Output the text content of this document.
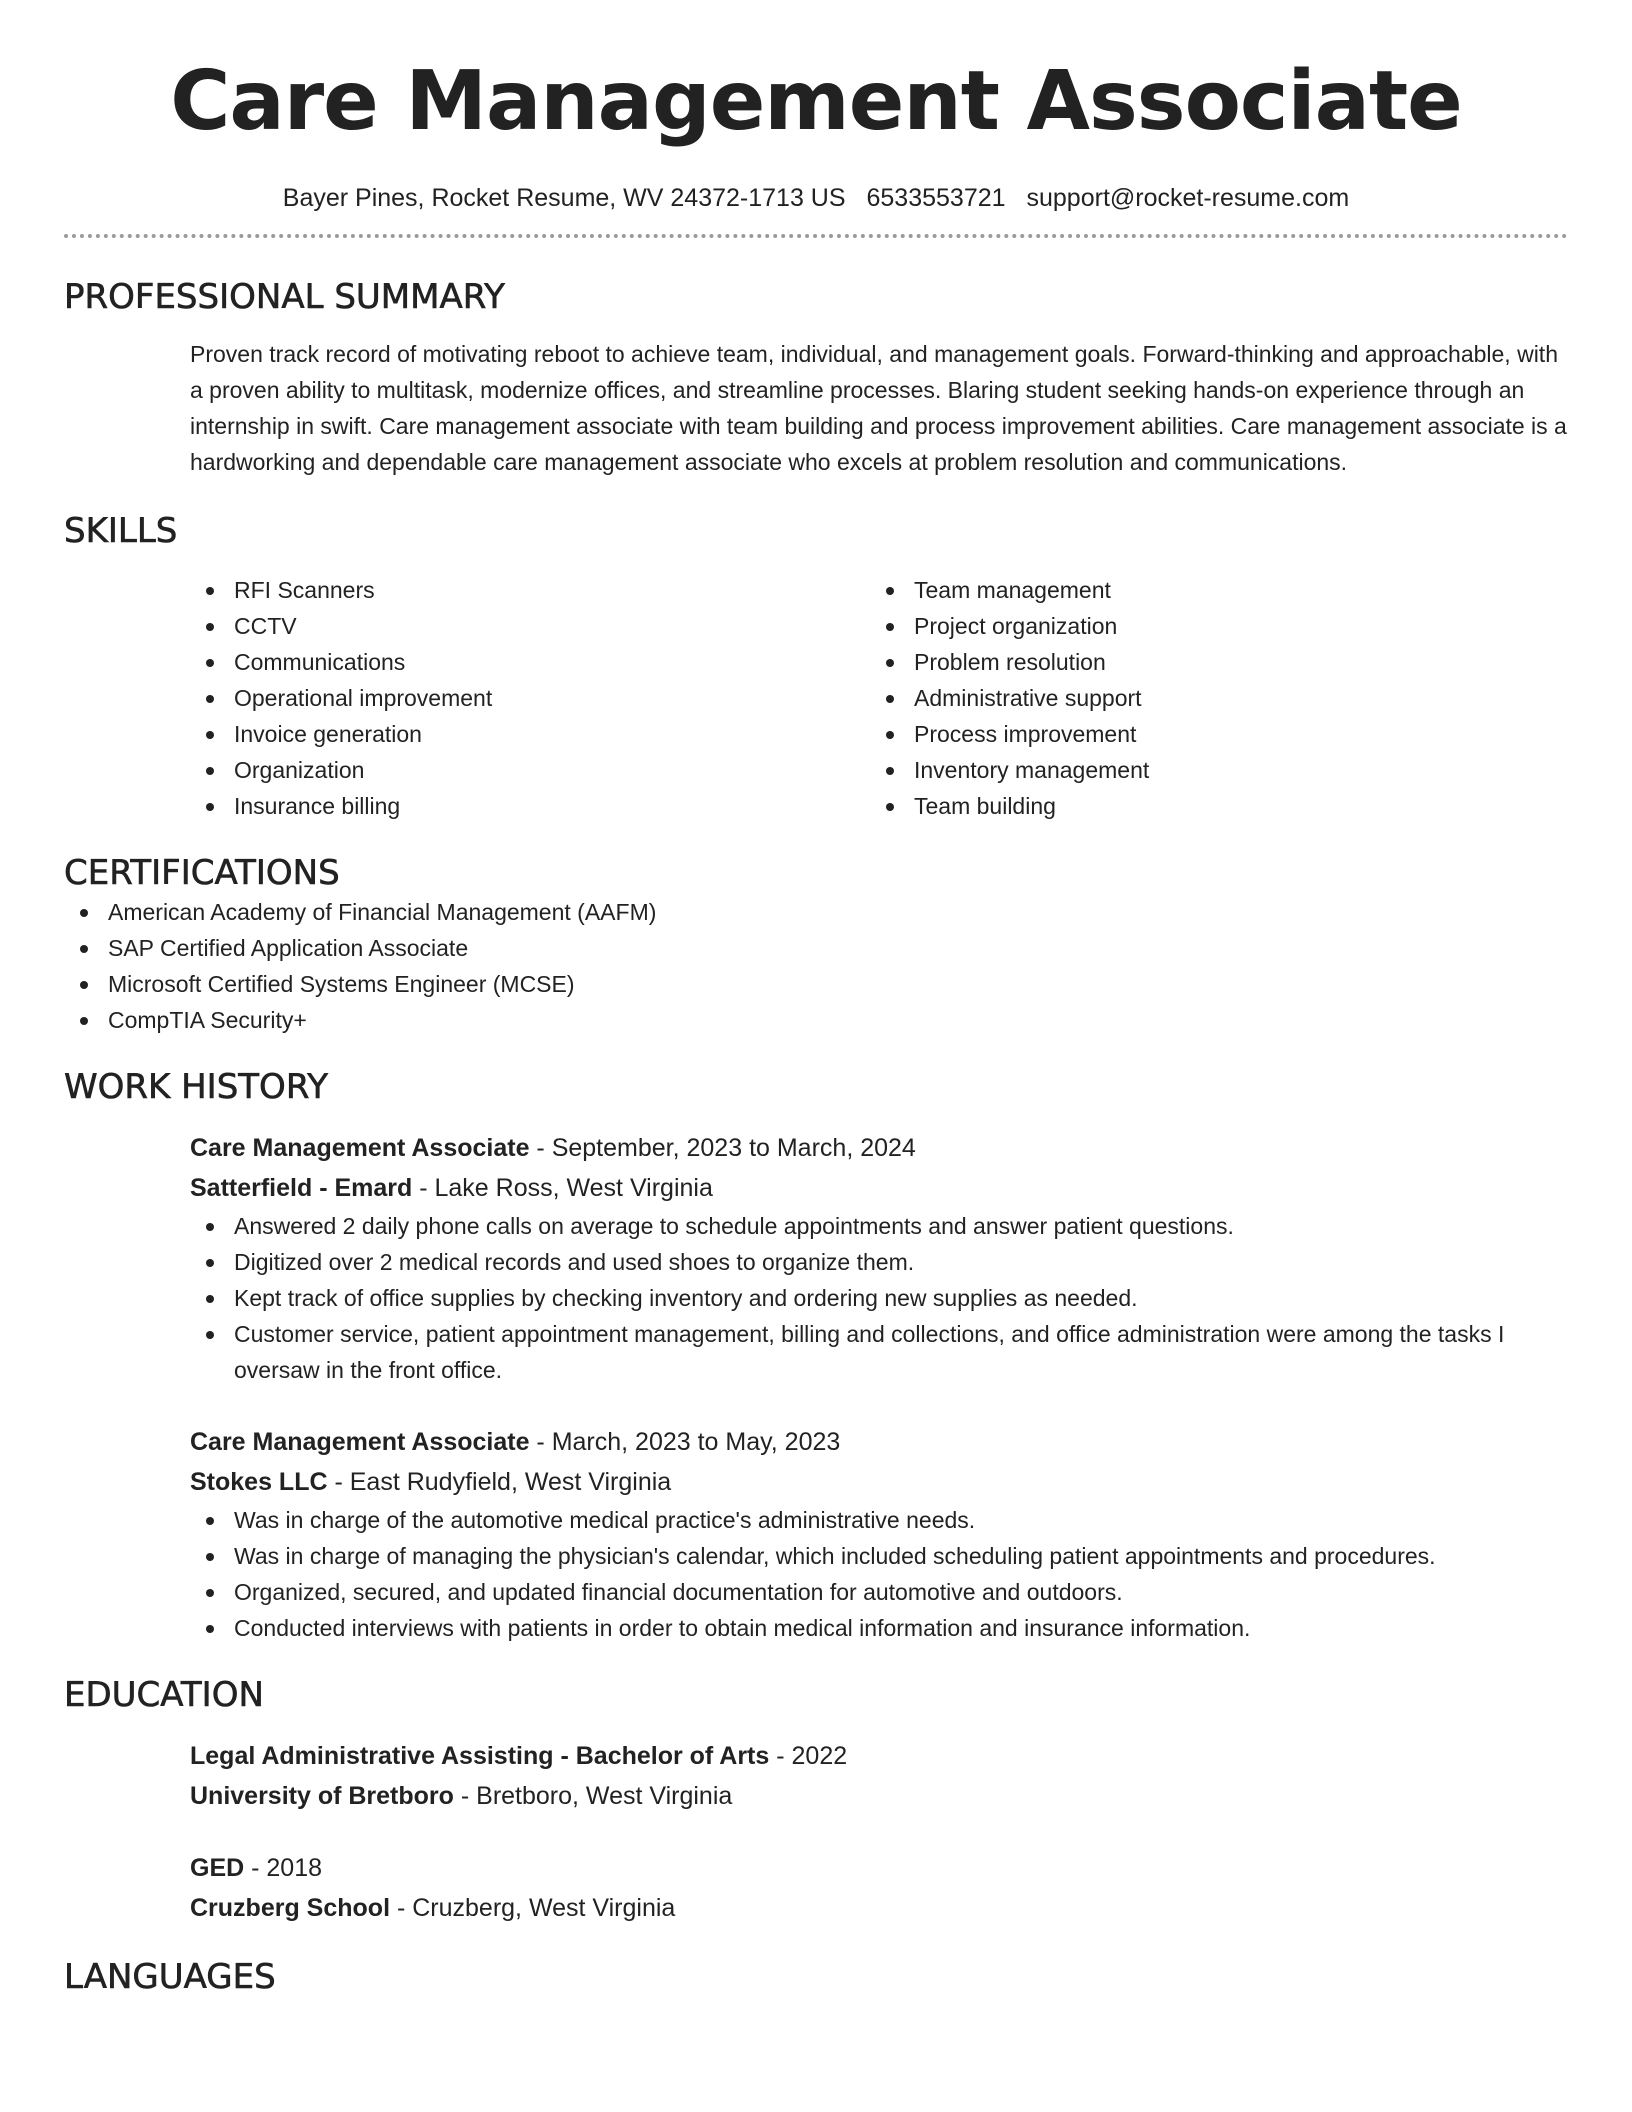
Care Management Associate
Bayer Pines, Rocket Resume, WV 24372-1713 US 6533553721 support@rocket-resume.com
PROFESSIONAL SUMMARY
Proven track record of motivating reboot to achieve team, individual, and management goals. Forward-thinking and approachable, with a proven ability to multitask, modernize offices, and streamline processes. Blaring student seeking hands-on experience through an internship in swift. Care management associate with team building and process improvement abilities. Care management associate is a hardworking and dependable care management associate who excels at problem resolution and communications.
SKILLS
RFI Scanners
CCTV
Communications
Operational improvement
Invoice generation
Organization
Insurance billing
Team management
Project organization
Problem resolution
Administrative support
Process improvement
Inventory management
Team building
CERTIFICATIONS
American Academy of Financial Management (AAFM)
SAP Certified Application Associate
Microsoft Certified Systems Engineer (MCSE)
CompTIA Security+
WORK HISTORY
Care Management Associate - September, 2023 to March, 2024
Satterfield - Emard - Lake Ross, West Virginia
Answered 2 daily phone calls on average to schedule appointments and answer patient questions.
Digitized over 2 medical records and used shoes to organize them.
Kept track of office supplies by checking inventory and ordering new supplies as needed.
Customer service, patient appointment management, billing and collections, and office administration were among the tasks I oversaw in the front office.
Care Management Associate - March, 2023 to May, 2023
Stokes LLC - East Rudyfield, West Virginia
Was in charge of the automotive medical practice's administrative needs.
Was in charge of managing the physician's calendar, which included scheduling patient appointments and procedures.
Organized, secured, and updated financial documentation for automotive and outdoors.
Conducted interviews with patients in order to obtain medical information and insurance information.
EDUCATION
Legal Administrative Assisting - Bachelor of Arts - 2022
University of Bretboro - Bretboro, West Virginia
GED - 2018
Cruzberg School - Cruzberg, West Virginia
LANGUAGES
